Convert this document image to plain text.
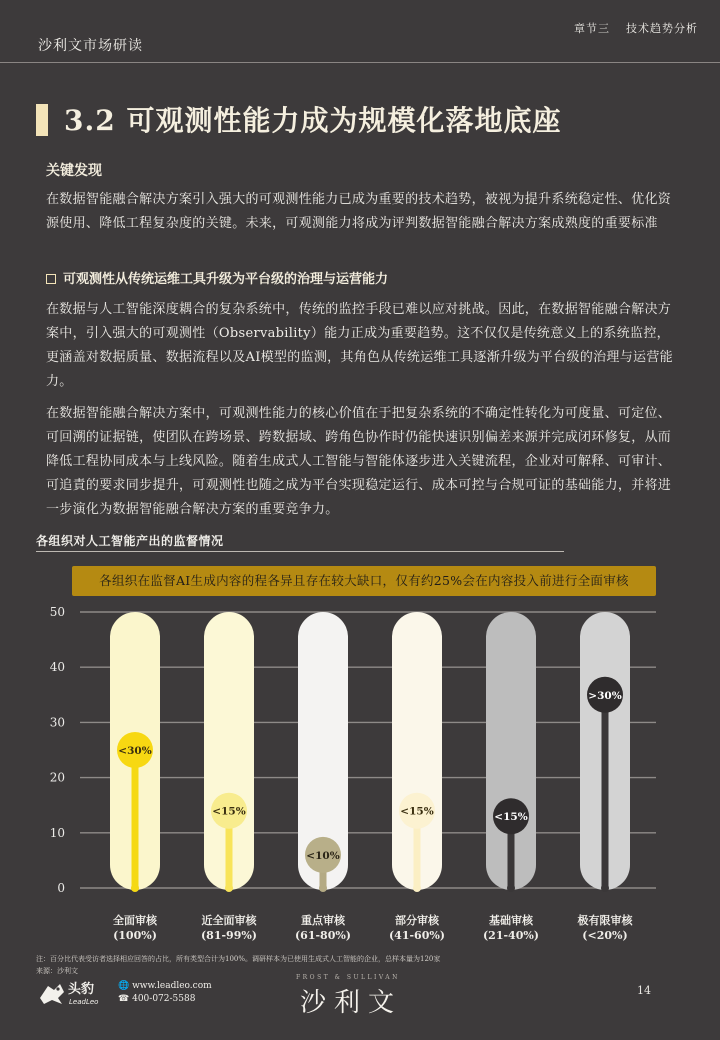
沙利文市场研读
章节三 技术趋势分析
3.2 可观测性能力成为规模化落地底座
关键发现
在数据智能融合解决方案引入强大的可观测性能力已成为重要的技术趋势，被视为提升系统稳定性、优化资源使用、降低工程复杂度的关键。未来，可观测能力将成为评判数据智能融合解决方案成熟度的重要标准
可观测性从传统运维工具升级为平台级的治理与运营能力
在数据与人工智能深度耦合的复杂系统中，传统的监控手段已难以应对挑战。因此，在数据智能融合解决方案中，引入强大的可观测性（Observability）能力正成为重要趋势。这不仅仅是传统意义上的系统监控，更涵盖对数据质量、数据流程以及AI模型的监测，其角色从传统运维工具逐渐升级为平台级的治理与运营能力。
在数据智能融合解决方案中，可观测性能力的核心价值在于把复杂系统的不确定性转化为可度量、可定位、可回溯的证据链，使团队在跨场景、跨数据域、跨角色协作时仍能快速识别偏差来源并完成闭环修复，从而降低工程协同成本与上线风险。随着生成式人工智能与智能体逐步进入关键流程，企业对可解释、可审计、可追責的要求同步提升，可观测性也随之成为平台实现稳定运行、成本可控与合规可证的基础能力，并将进一步演化为数据智能融合解决方案的重要竞争力。
各组织对人工智能产出的监督情况
各组织在监督AI生成内容的程各异且存在较大缺口，仅有约25%会在内容投入前进行全面审核
0
10
20
30
40
50
<30%
全面审核
(100%)
<15%
近全面审核
(81-99%)
<10%
重点审核
(61-80%)
<15%
部分审核
(41-60%)
<15%
基础审核
(21-40%)
>30%
极有限审核
(<20%)
注：百分比代表受访者选择相应回答的占比，所有类型合计为100%。调研样本为已使用生成式人工智能的企业，总样本量为120家
来源：沙利文
头豹
LeadLeo
🌐 www.leadleo.com
☎ 400-072-5588
FROST & SULLIVAN
沙利文	14
